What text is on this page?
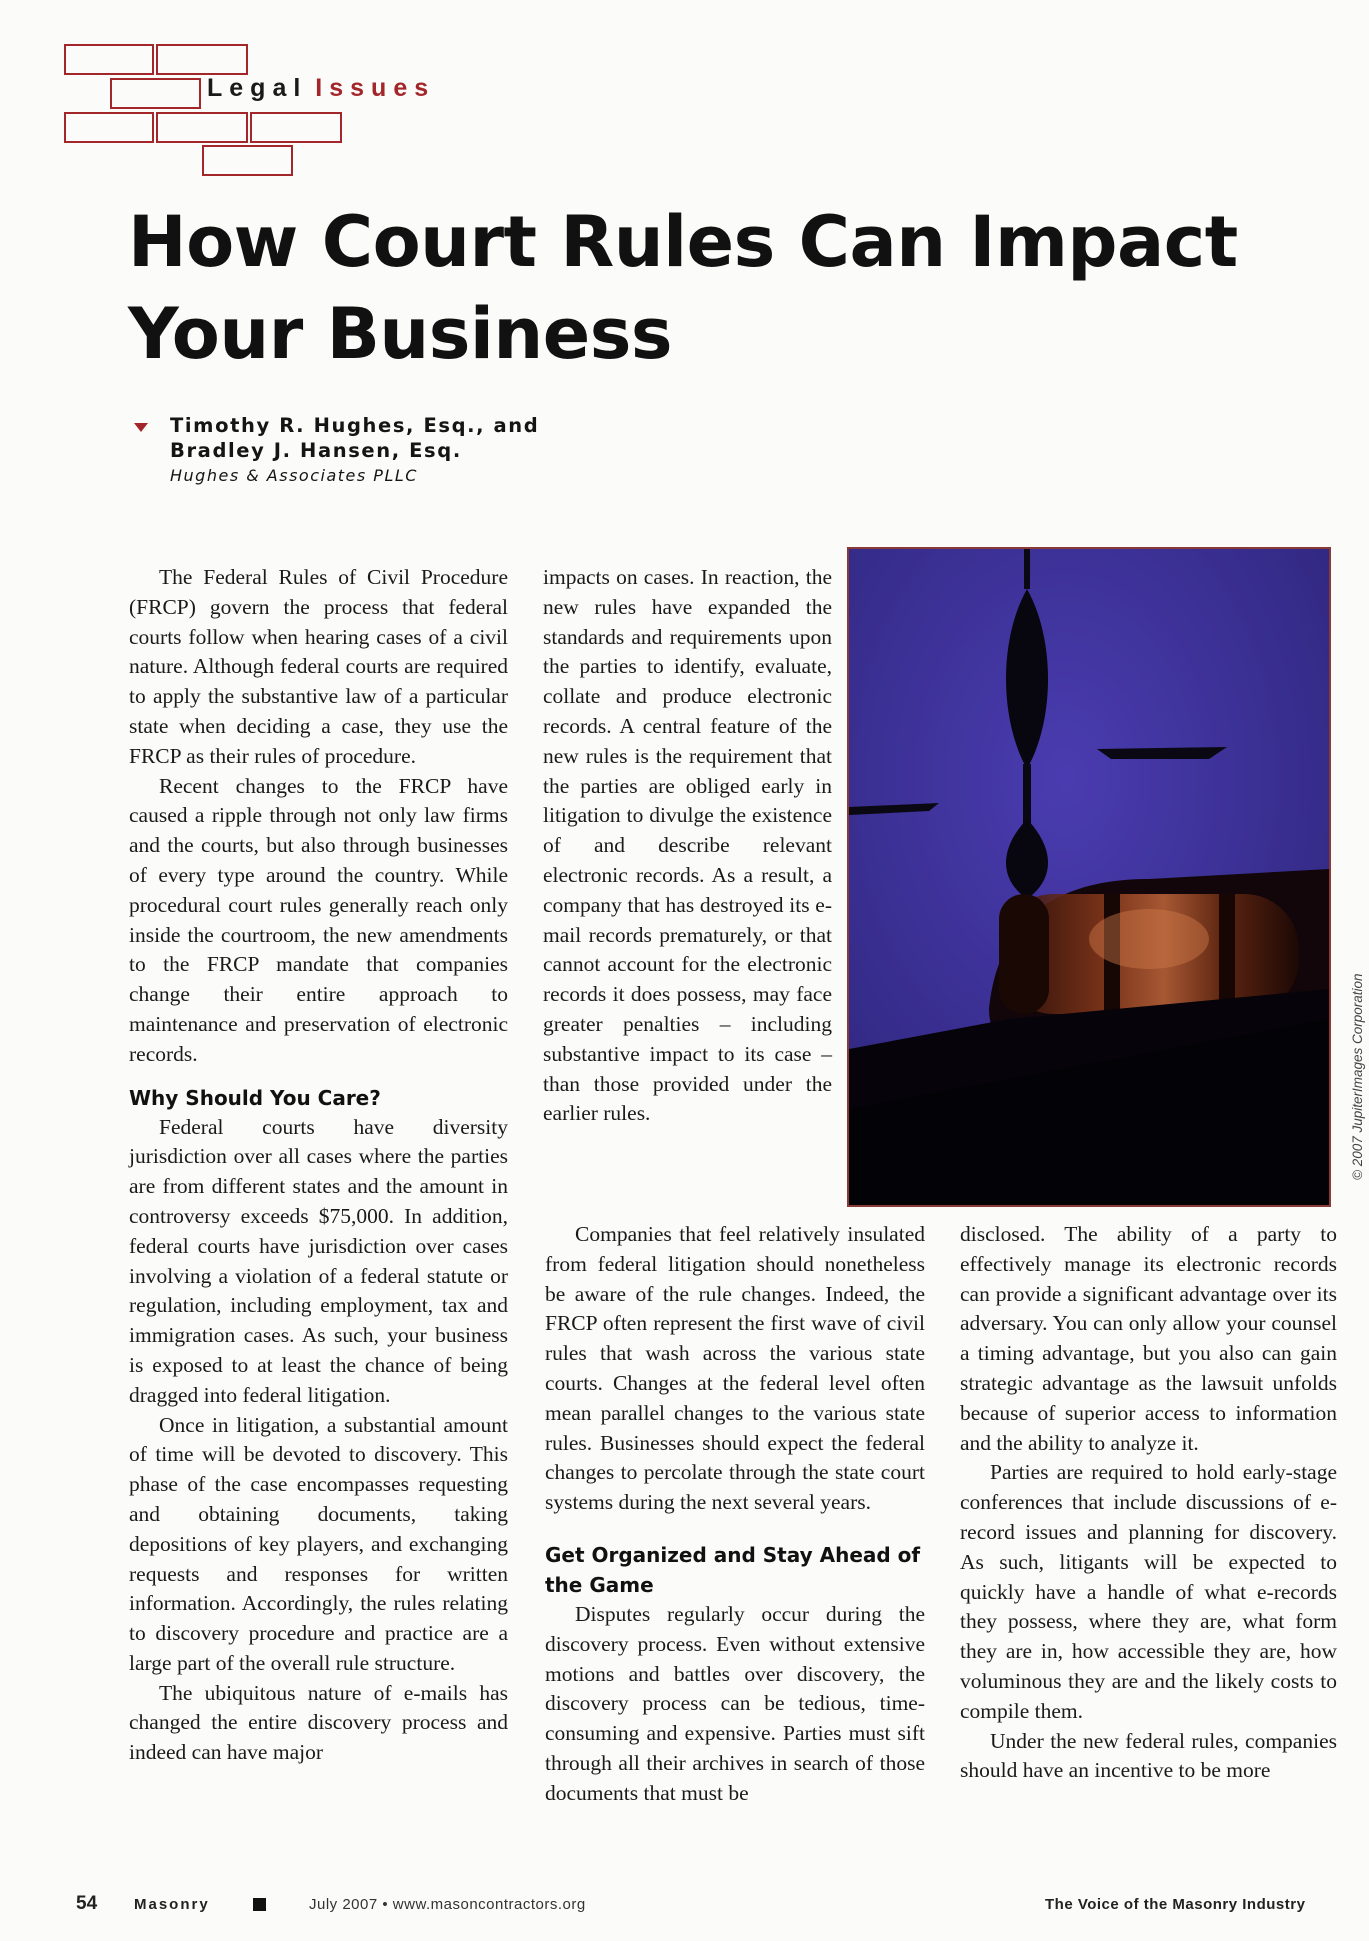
Legal Issues
How Court Rules Can Impact Your Business
Timothy R. Hughes, Esq., and
Bradley J. Hansen, Esq.
Hughes & Associates PLLC

The Federal Rules of Civil Procedure (FRCP) govern the process that federal courts follow when hearing cases of a civil nature. Although federal courts are required to apply the substantive law of a particular state when deciding a case, they use the FRCP as their rules of procedure.

Recent changes to the FRCP have caused a ripple through not only law firms and the courts, but also through businesses of every type around the country. While procedural court rules generally reach only inside the courtroom, the new amendments to the FRCP mandate that companies change their entire approach to maintenance and preservation of electronic records.

Why Should You Care?

Federal courts have diversity jurisdiction over all cases where the parties are from different states and the amount in controversy exceeds $75,000. In addition, federal courts have jurisdiction over cases involving a violation of a federal statute or regulation, including employment, tax and immigration cases. As such, your business is exposed to at least the chance of being dragged into federal litigation.

Once in litigation, a substantial amount of time will be devoted to discovery. This phase of the case encompasses requesting and obtaining documents, taking depositions of key players, and exchanging requests and responses for written information. Accordingly, the rules relating to discovery procedure and practice are a large part of the overall rule structure.

The ubiquitous nature of e-mails has changed the entire discovery process and indeed can have major

impacts on cases. In reaction, the new rules have expanded the standards and requirements upon the parties to identify, evaluate, collate and produce electronic records. A central feature of the new rules is the requirement that the parties are obliged early in litigation to divulge the existence of and describe relevant electronic records. As a result, a company that has destroyed its e-mail records prematurely, or that cannot account for the electronic records it does possess, may face greater penalties – including substantive impact to its case – than those provided under the earlier rules.

Companies that feel relatively insulated from federal litigation should nonetheless be aware of the rule changes. Indeed, the FRCP often represent the first wave of civil rules that wash across the various state courts. Changes at the federal level often mean parallel changes to the various state rules. Businesses should expect the federal changes to percolate through the state court systems during the next several years.

Get Organized and Stay Ahead of the Game

Disputes regularly occur during the discovery process. Even without extensive motions and battles over discovery, the discovery process can be tedious, time-consuming and expensive. Parties must sift through all their archives in search of those documents that must be

disclosed. The ability of a party to effectively manage its electronic records can provide a significant advantage over its adversary. You can only allow your counsel a timing advantage, but you also can gain strategic advantage as the lawsuit unfolds because of superior access to information and the ability to analyze it.

Parties are required to hold early-stage conferences that include discussions of e-record issues and planning for discovery. As such, litigants will be expected to quickly have a handle of what e-records they possess, where they are, what form they are in, how accessible they are, how voluminous they are and the likely costs to compile them.

Under the new federal rules, companies should have an incentive to be more

© 2007 JupiterImages Corporation
54 Masonry	July 2007 • www.masoncontractors.org	The Voice of the Masonry Industry
